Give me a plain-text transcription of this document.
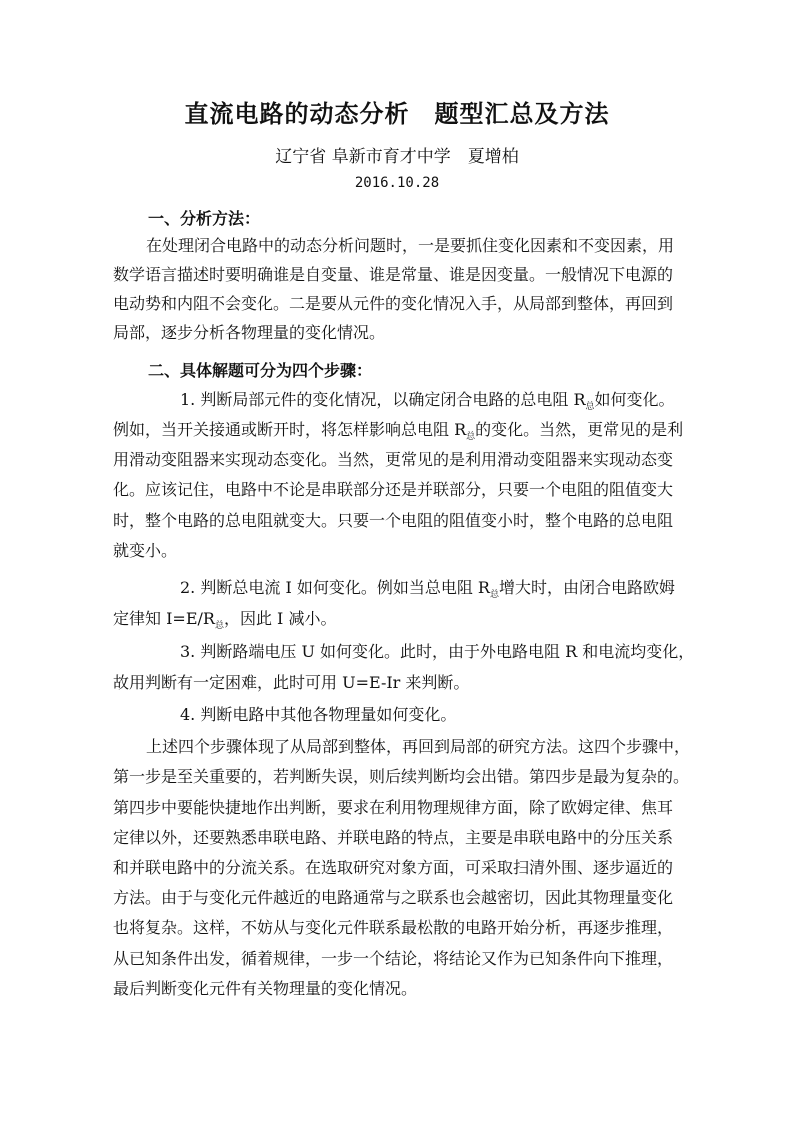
直流电路的动态分析　题型汇总及方法
辽宁省 阜新市育才中学　夏增柏
2016.10.28
一、分析方法：
在处理闭合电路中的动态分析问题时，一是要抓住变化因素和不变因素，用
数学语言描述时要明确谁是自变量、谁是常量、谁是因变量。一般情况下电源的
电动势和内阻不会变化。二是要从元件的变化情况入手，从局部到整体，再回到
局部，逐步分析各物理量的变化情况。
二、具体解题可分为四个步骤：
1. 判断局部元件的变化情况，以确定闭合电路的总电阻 $R_总$如何变化。
例如，当开关接通或断开时，将怎样影响总电阻 $R_总$的变化。当然，更常见的是利
用滑动变阻器来实现动态变化。当然，更常见的是利用滑动变阻器来实现动态变
化。应该记住，电路中不论是串联部分还是并联部分，只要一个电阻的阻值变大
时，整个电路的总电阻就变大。只要一个电阻的阻值变小时，整个电路的总电阻
就变小。
2. 判断总电流 I 如何变化。例如当总电阻 $R_总$增大时，由闭合电路欧姆
定律知 $I=E/R_总$，因此 I 减小。
3. 判断路端电压 U 如何变化。此时，由于外电路电阻 R 和电流均变化，
故用判断有一定困难，此时可用 U=E-Ir 来判断。
4. 判断电路中其他各物理量如何变化。
上述四个步骤体现了从局部到整体，再回到局部的研究方法。这四个步骤中，
第一步是至关重要的，若判断失误，则后续判断均会出错。第四步是最为复杂的。
第四步中要能快捷地作出判断，要求在利用物理规律方面，除了欧姆定律、焦耳
定律以外，还要熟悉串联电路、并联电路的特点，主要是串联电路中的分压关系
和并联电路中的分流关系。在选取研究对象方面，可采取扫清外围、逐步逼近的
方法。由于与变化元件越近的电路通常与之联系也会越密切，因此其物理量变化
也将复杂。这样，不妨从与变化元件联系最松散的电路开始分析，再逐步推理，
从已知条件出发，循着规律，一步一个结论，将结论又作为已知条件向下推理，
最后判断变化元件有关物理量的变化情况。
